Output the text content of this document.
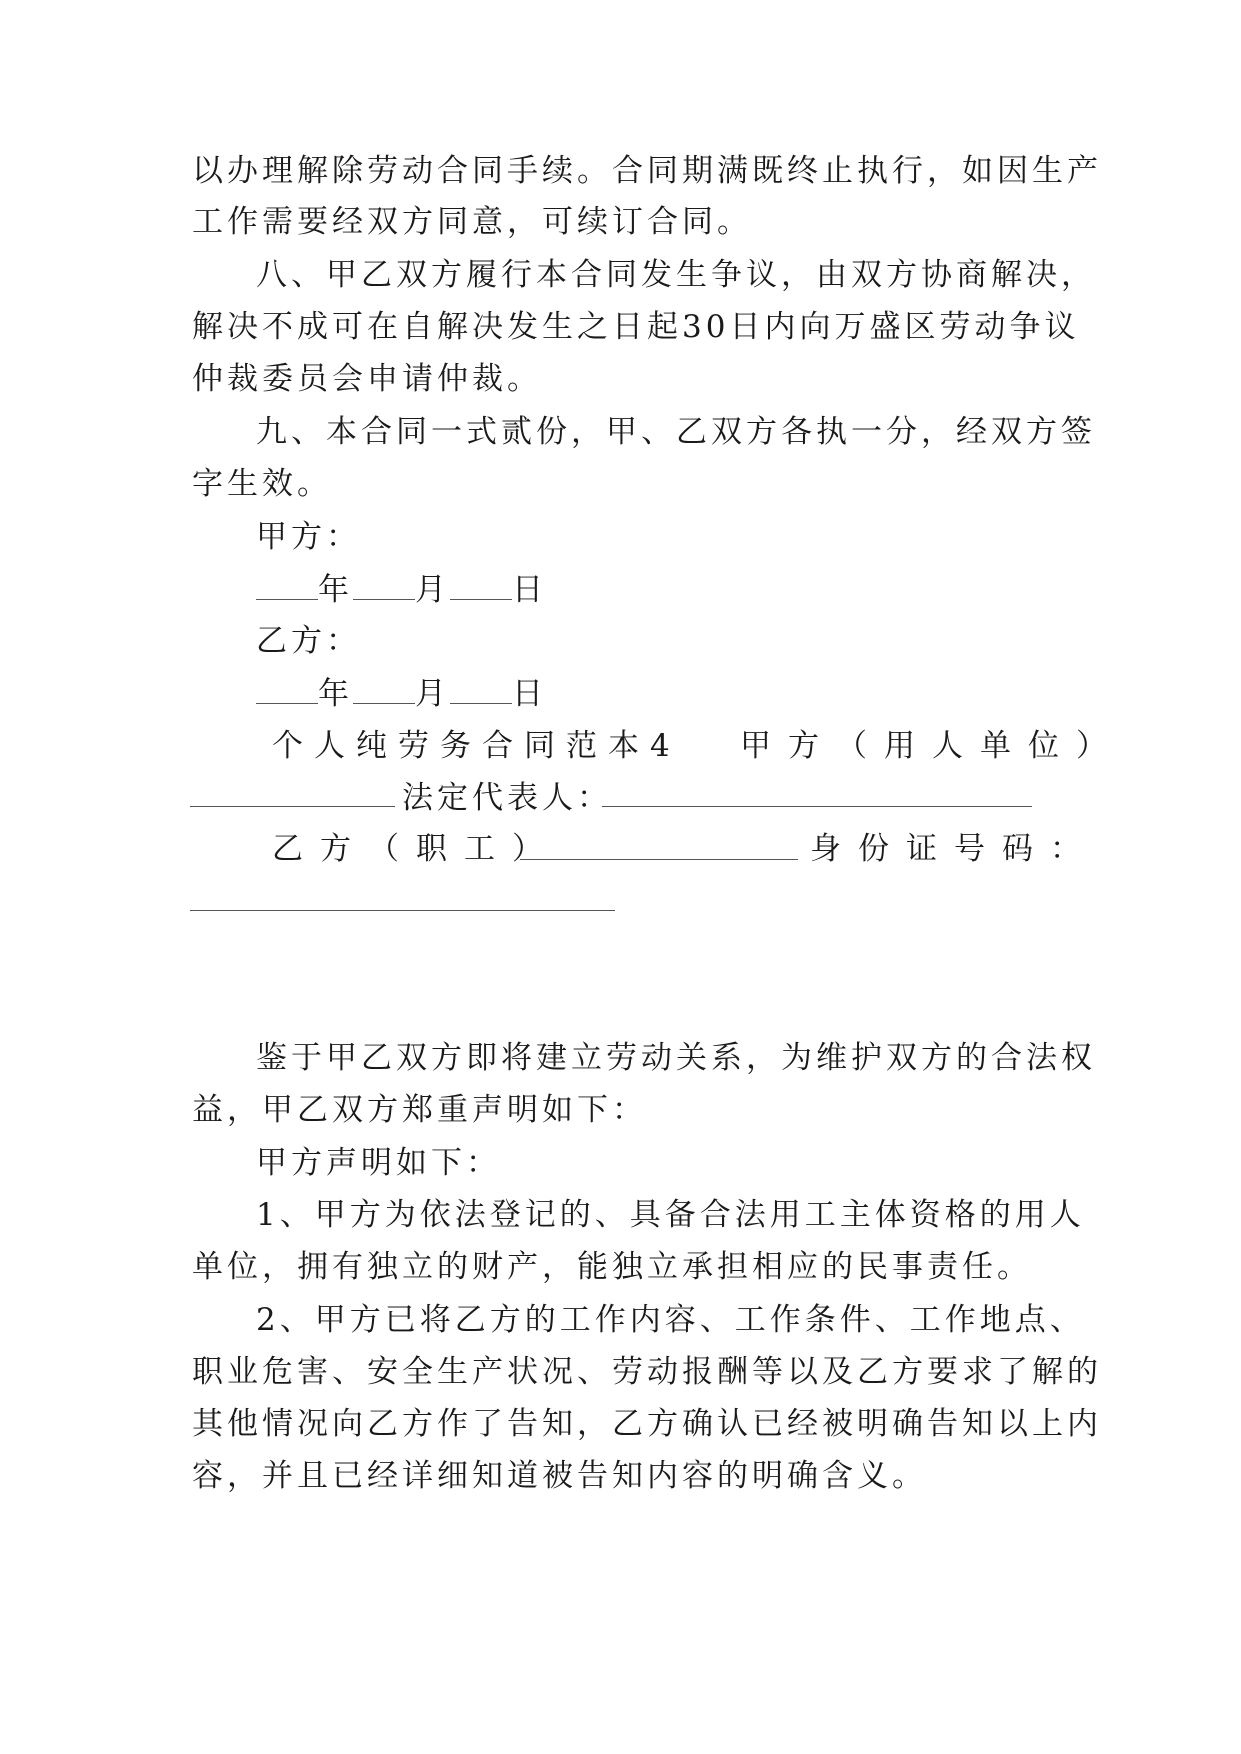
以办理解除劳动合同手续。合同期满既终止执行，如因生产
工作需要经双方同意，可续订合同。
八、甲乙双方履行本合同发生争议，由双方协商解决，
解决不成可在自解决发生之日起30日内向万盛区劳动争议
仲裁委员会申请仲裁。
九、本合同一式贰份，甲、乙双方各执一分，经双方签
字生效。
甲方：
年 月 日
乙方：
年 月 日
个人纯劳务合同范本4	甲方（用人单位）
法定代表人：
乙方（职工）	身份证号码：
鉴于甲乙双方即将建立劳动关系，为维护双方的合法权
益，甲乙双方郑重声明如下：
甲方声明如下：
1、甲方为依法登记的、具备合法用工主体资格的用人
单位，拥有独立的财产，能独立承担相应的民事责任。
2、甲方已将乙方的工作内容、工作条件、工作地点、
职业危害、安全生产状况、劳动报酬等以及乙方要求了解的
其他情况向乙方作了告知，乙方确认已经被明确告知以上内
容，并且已经详细知道被告知内容的明确含义。
